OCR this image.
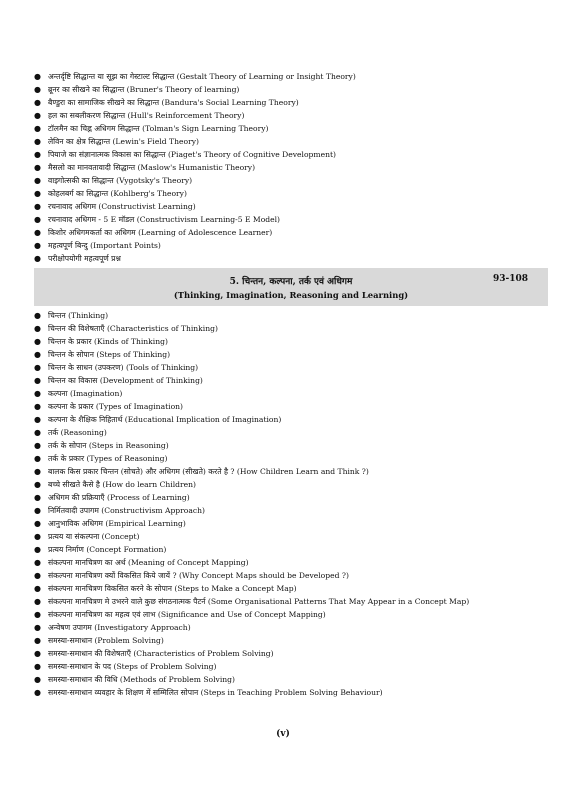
● अन्तर्दृष्टि सिद्धान्त या सूझ का गेस्टाल्ट सिद्धान्त (Gestalt Theory of Learning or Insight Theory)
● ब्रूनर का सीखने का सिद्धान्त (Bruner's Theory of learning)
● बैण्डुरा का सामाजिक सीखने का सिद्धान्त (Bandura's Social Learning Theory)
● हल का सबलीकरण सिद्धान्त (Hull's Reinforcement Theory)
● टॉलमैन का चिह्न अधिगम सिद्धान्त (Tolman's Sign Learning Theory)
● लेविन का क्षेत्र सिद्धान्त (Lewin's Field Theory)
● पियाजे का संज्ञानात्मक विकास का सिद्धान्त (Piaget's Theory of Cognitive Development)
● मैसलो का मानवतावादी सिद्धान्त (Maslow's Humanistic Theory)
● वाइगोत्सकी का सिद्धान्त (Vygotsky's Theory)
● कोहलबर्ग का सिद्धान्त (Kohlberg's Theory)
● रचनावाद अधिगम (Constructivist Learning)
● रचनावाद अधिगम - 5 E मॉडल (Constructivism Learning-5 E Model)
● किशोर अधिगमकर्ता का अधिगम (Learning of Adolescence Learner)
● महत्वपूर्ण बिन्दु (Important Points)
● परीक्षोपयोगी महत्वपूर्ण प्रश्न
5. चिन्तन, कल्पना, तर्क एवं अधिगम	93-108
(Thinking, Imagination, Reasoning and Learning)
● चिन्तन (Thinking)
● चिन्तन की विशेषताएँ (Characteristics of Thinking)
● चिन्तन के प्रकार (Kinds of Thinking)
● चिन्तन के सोपान (Steps of Thinking)
● चिन्तन के साधन (उपकरण) (Tools of Thinking)
● चिन्तन का विकास (Development of Thinking)
● कल्पना (Imagination)
● कल्पना के प्रकार (Types of Imagination)
● कल्पना के शैक्षिक निहितार्थ (Educational Implication of Imagination)
● तर्क (Reasoning)
● तर्क के सोपान (Steps in Reasoning)
● तर्क के प्रकार (Types of Reasoning)
● बालक किस प्रकार चिन्तन (सोचते) और अधिगम (सीखते) करते है ? (How Children Learn and Think ?)
● बच्चे सीखते कैसे है (How do learn Children)
● अधिगम की प्रक्रियाएँ (Process of Learning)
● निर्मितवादी उपागम (Constructivism Approach)
● आनुभाविक अधिगम (Empirical Learning)
● प्रत्यय या संकल्पना (Concept)
● प्रत्यय निर्माण (Concept Formation)
● संकल्पना मानचित्रण का अर्थ (Meaning of Concept Mapping)
● संकल्पना मानचित्रण क्यों विकसित किये जायें ? (Why Concept Maps should be Developed ?)
● संकल्पना मानचित्रण विकसित करने के सोपान (Steps to Make a Concept Map)
● संकल्पना मानचित्रण मे उभरने वाले कुछ संगठनात्मक पैटर्न (Some Organisational Patterns That May Appear in a Concept Map)
● संकल्पना मानचित्रण का महत्व एवं लाभ (Significance and Use of Concept Mapping)
● अन्वेषण उपागम (Investigatory Approach)
● समस्या-समाधान (Problem Solving)
● समस्या-समाधान की विशेषताएँ (Characteristics of Problem Solving)
● समस्या-समाधान के पद (Steps of Problem Solving)
● समस्या-समाधान की विधि (Methods of Problem Solving)
● समस्या-समाधान व्यवहार के शिक्षण में सम्मिलित सोपान (Steps in Teaching Problem Solving Behaviour)
(v)
